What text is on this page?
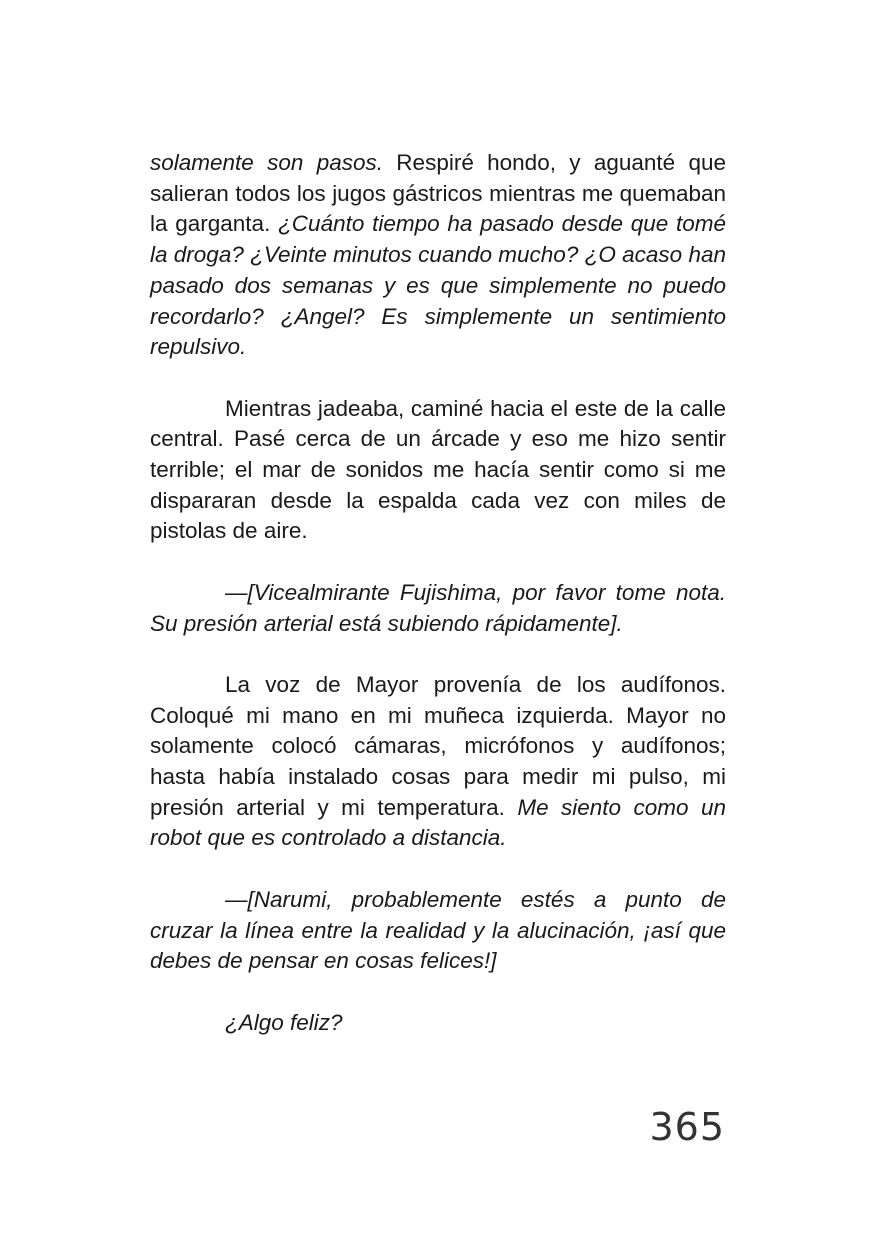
solamente son pasos. Respiré hondo, y aguanté que salieran todos los jugos gástricos mientras me quemaban la garganta. ¿Cuánto tiempo ha pasado desde que tomé la droga? ¿Veinte minutos cuando mucho? ¿O acaso han pasado dos semanas y es que simplemente no puedo recordarlo? ¿Angel? Es simplemente un sentimiento repulsivo.

Mientras jadeaba, caminé hacia el este de la calle central. Pasé cerca de un árcade y eso me hizo sentir terrible; el mar de sonidos me hacía sentir como si me dispararan desde la espalda cada vez con miles de pistolas de aire.

—[Vicealmirante Fujishima, por favor tome nota. Su presión arterial está subiendo rápidamente].

La voz de Mayor provenía de los audífonos. Coloqué mi mano en mi muñeca izquierda. Mayor no solamente colocó cámaras, micrófonos y audífonos; hasta había instalado cosas para medir mi pulso, mi presión arterial y mi temperatura. Me siento como un robot que es controlado a distancia.

—[Narumi, probablemente estés a punto de cruzar la línea entre la realidad y la alucinación, ¡así que debes de pensar en cosas felices!]

¿Algo feliz?

365
